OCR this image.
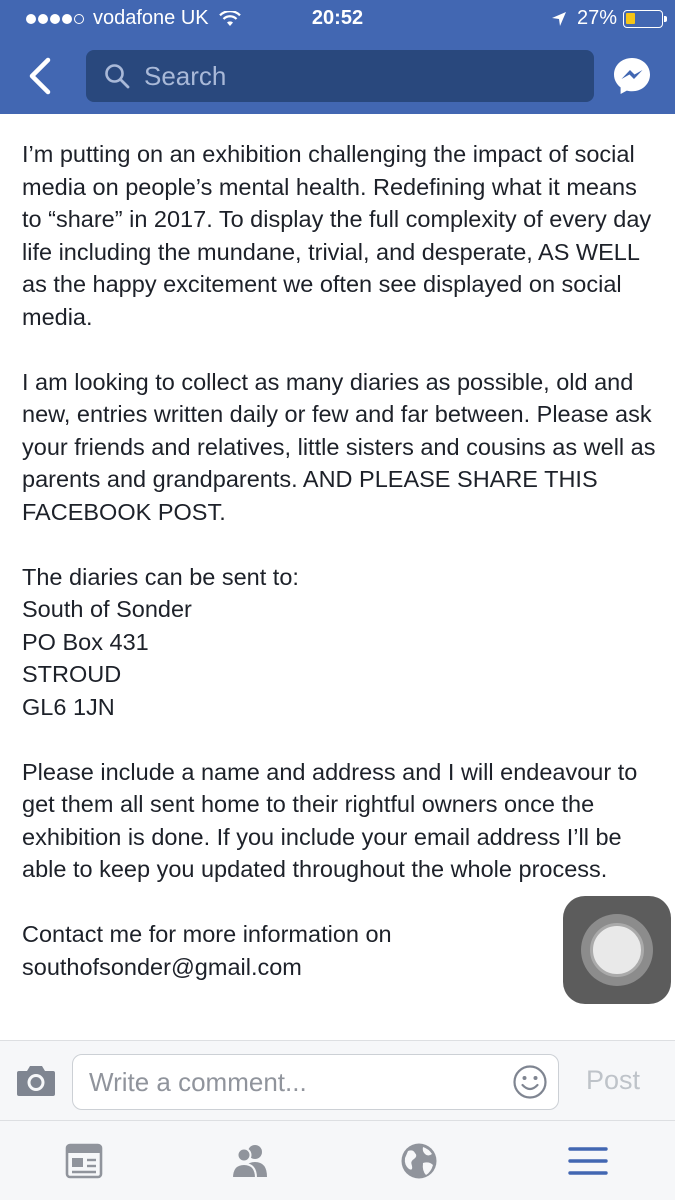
vodafone UK	20:52	27%
Search

I’m putting on an exhibition challenging the impact of social media on people’s mental health. Redefining what it means to “share” in 2017. To display the full complexity of every day life including the mundane, trivial, and desperate, AS WELL as the happy excitement we often see displayed on social media.

I am looking to collect as many diaries as possible, old and new, entries written daily or few and far between. Please ask your friends and relatives, little sisters and cousins as well as parents and grandparents. AND PLEASE SHARE THIS FACEBOOK POST.

The diaries can be sent to:
South of Sonder
PO Box 431
STROUD
GL6 1JN

Please include a name and address and I will endeavour to get them all sent home to their rightful owners once the exhibition is done. If you include your email address I’ll be able to keep you updated throughout the whole process.

Contact me for more information on
southofsonder@gmail.com

Write a comment...
Post
